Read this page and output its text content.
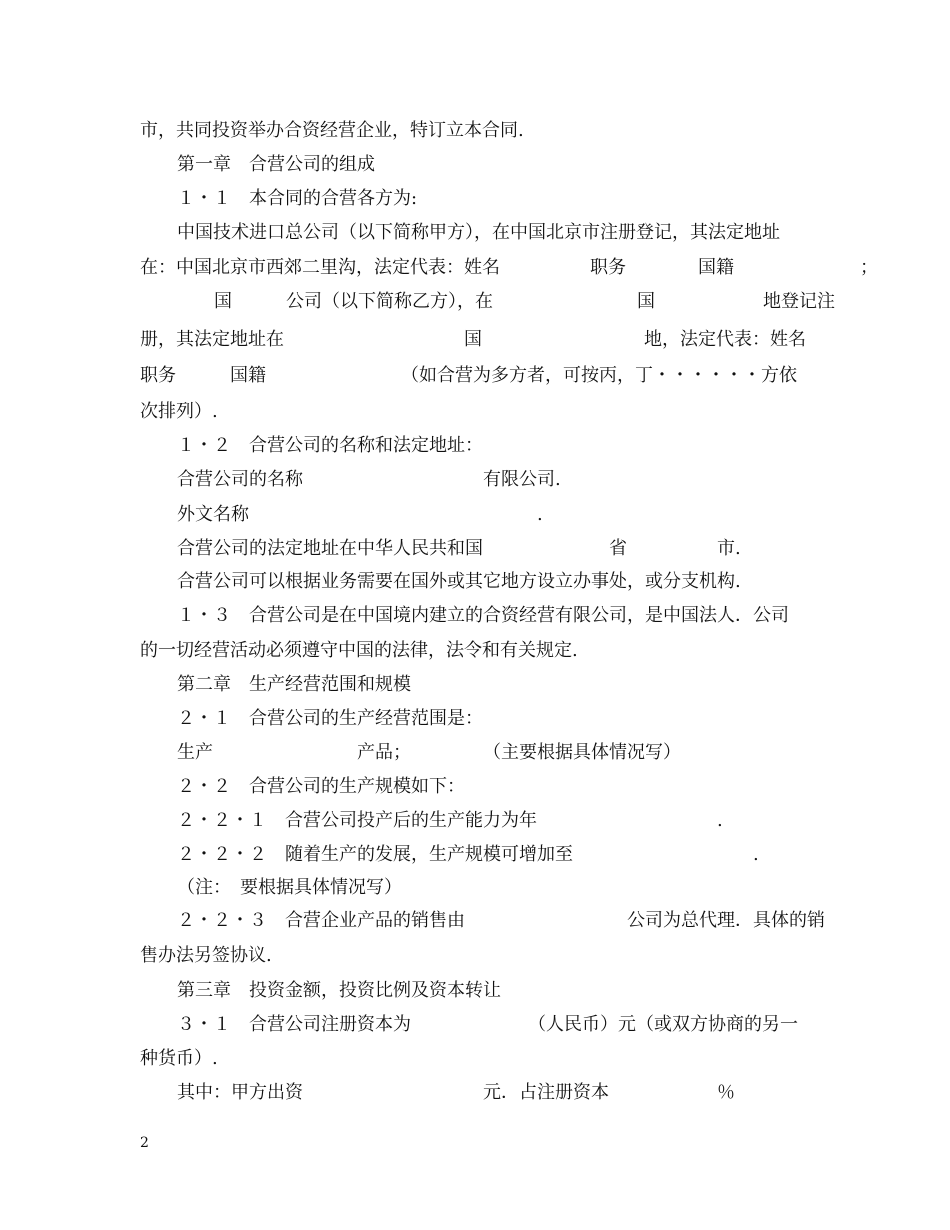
市，共同投资举办合资经营企业，特订立本合同.
第一章　合营公司的组成
１・１　本合同的合营各方为:
中国技术进口总公司（以下简称甲方），在中国北京市注册登记，其法定地址
在：中国北京市西郊二里沟，法定代表：姓名　　　　　职务　　　　国籍　　　　　　　；
国　　　公司（以下简称乙方），在　　　　　　　　国　　　　　　地登记注
册，其法定地址在　　　　　　　　　　国　　　　　　　　　地，法定代表：姓名
职务　　　国籍　　　　　　　　（如合营为多方者，可按丙，丁・・・・・・方依
次排列）.
１・２　合营公司的名称和法定地址：
合营公司的名称　　　　　　　　　　有限公司.
外文名称　　　　　　　　　　　　　　　　.
合营公司的法定地址在中华人民共和国　　　　　　　省　　　　　市.
合营公司可以根据业务需要在国外或其它地方设立办事处，或分支机构.
１・３　合营公司是在中国境内建立的合资经营有限公司，是中国法人．公司
的一切经营活动必须遵守中国的法律，法令和有关规定.
第二章　生产经营范围和规模
２・１　合营公司的生产经营范围是：
生产　　　　　　　　产品；　　　　　（主要根据具体情况写）
２・２　合营公司的生产规模如下：
２・２・１　合营公司投产后的生产能力为年　　　　　　　　　　.
２・２・２　随着生产的发展，生产规模可增加至　　　　　　　　　　.
（注：　要根据具体情况写）
２・２・３　合营企业产品的销售由　　　　　　　　　公司为总代理．具体的销
售办法另签协议.
第三章　投资金额，投资比例及资本转让
３・１　合营公司注册资本为　　　　　　　（人民币）元（或双方协商的另一
种货币）.
其中：甲方出资　　　　　　　　　　元．占注册资本　　　　　　％
2
